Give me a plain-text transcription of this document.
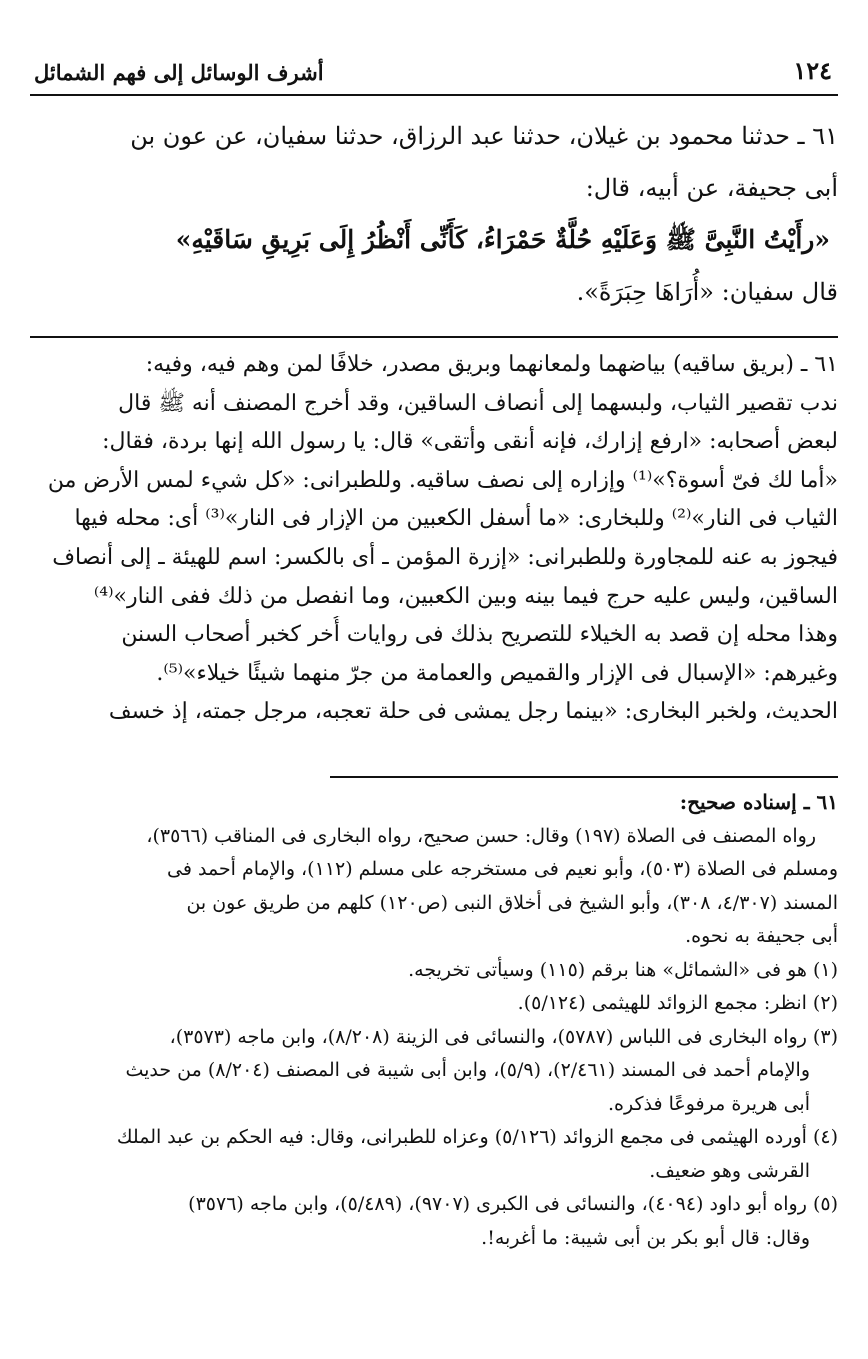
أشرف الوسائل إلى فهم الشمائل	١٢٤
٦١ ـ حدثنا محمود بن غيلان، حدثنا عبد الرزاق، حدثنا سفيان، عن عون بن
أبى جحيفة، عن أبيه، قال:
«رأَيْتُ النَّبِىَّ ﷺ وَعَلَيْهِ حُلَّةٌ حَمْرَاءُ، كَأَنِّى أَنْظُرُ إِلَى بَرِيقِ سَاقَيْهِ»
قال سفيان: «أُرَاهَا حِبَرَةً».
٦١ ـ (بريق ساقيه) بياضهما ولمعانهما وبريق مصدر، خلافًا لمن وهم فيه، وفيه:
ندب تقصير الثياب، ولبسهما إلى أنصاف الساقين، وقد أخرج المصنف أنه ﷺ قال
لبعض أصحابه: «ارفع إزارك، فإنه أنقى وأتقى» قال: يا رسول الله إنها بردة، فقال:
«أما لك فىّ أسوة؟»⁽¹⁾ وإزاره إلى نصف ساقيه. وللطبرانى: «كل شيء لمس الأرض من
الثياب فى النار»⁽²⁾ وللبخارى: «ما أسفل الكعبين من الإزار فى النار»⁽³⁾ أى: محله فيها
فيجوز به عنه للمجاورة وللطبرانى: «إزرة المؤمن ـ أى بالكسر: اسم للهيئة ـ إلى أنصاف
الساقين، وليس عليه حرج فيما بينه وبين الكعبين، وما انفصل من ذلك ففى النار»⁽⁴⁾
وهذا محله إن قصد به الخيلاء للتصريح بذلك فى روايات أُخر كخبر أصحاب السنن
وغيرهم: «الإسبال فى الإزار والقميص والعمامة من جرّ منهما شيئًا خيلاء»⁽⁵⁾.
الحديث، ولخبر البخارى: «بينما رجل يمشى فى حلة تعجبه، مرجل جمته، إذ خسف
٦١ ـ إسناده صحيح:
رواه المصنف فى الصلاة (١٩٧) وقال: حسن صحيح، رواه البخارى فى المناقب (٣٥٦٦)،
ومسلم فى الصلاة (٥٠٣)، وأبو نعيم فى مستخرجه على مسلم (١١٢)، والإمام أحمد فى
المسند (٤/٣٠٧، ٣٠٨)، وأبو الشيخ فى أخلاق النبى (ص١٢٠) كلهم من طريق عون بن
أبى جحيفة به نحوه.
(١) هو فى «الشمائل» هنا برقم (١١٥) وسيأتى تخريجه.
(٢) انظر: مجمع الزوائد للهيثمى (٥/١٢٤).
(٣) رواه البخارى فى اللباس (٥٧٨٧)، والنسائى فى الزينة (٨/٢٠٨)، وابن ماجه (٣٥٧٣)،
والإمام أحمد فى المسند (٢/٤٦١)، (٥/٩)، وابن أبى شيبة فى المصنف (٨/٢٠٤) من حديث
أبى هريرة مرفوعًا فذكره.
(٤) أورده الهيثمى فى مجمع الزوائد (٥/١٢٦) وعزاه للطبرانى، وقال: فيه الحكم بن عبد الملك
القرشى وهو ضعيف.
(٥) رواه أبو داود (٤٠٩٤)، والنسائى فى الكبرى (٩٧٠٧)، (٥/٤٨٩)، وابن ماجه (٣٥٧٦)
وقال: قال أبو بكر بن أبى شيبة: ما أغربه!.
